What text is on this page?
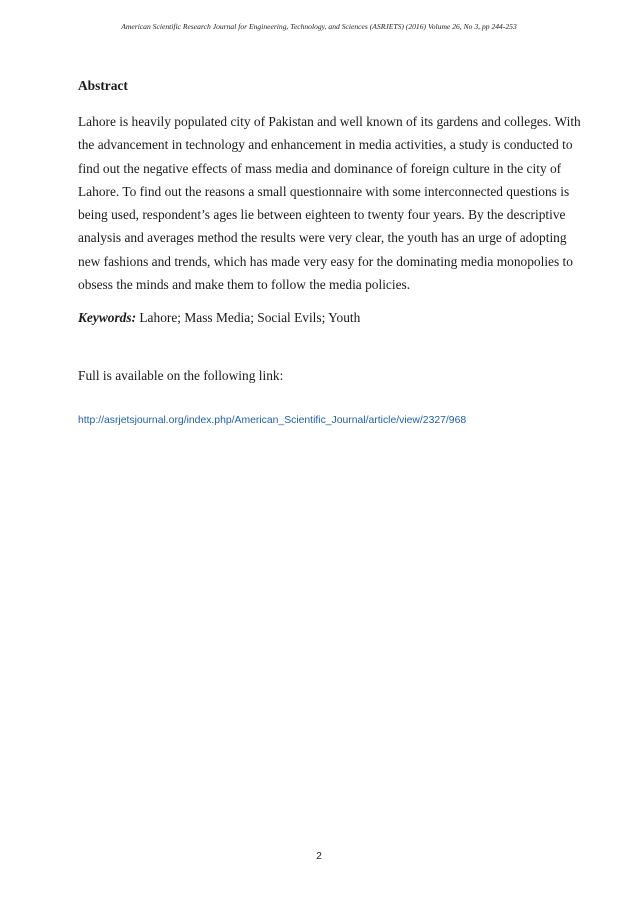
American Scientific Research Journal for Engineering, Technology, and Sciences (ASRJETS) (2016) Volume 26, No 3, pp 244-253
Abstract
Lahore is heavily populated city of Pakistan and well known of its gardens and colleges. With
the advancement in technology and enhancement in media activities, a study is conducted to
find out the negative effects of mass media and dominance of foreign culture in the city of
Lahore. To find out the reasons a small questionnaire with some interconnected questions is
being used, respondent’s ages lie between eighteen to twenty four years. By the descriptive
analysis and averages method the results were very clear, the youth has an urge of adopting
new fashions and trends, which has made very easy for the dominating media monopolies to
obsess the minds and make them to follow the media policies.

Keywords: Lahore; Mass Media; Social Evils; Youth

Full is available on the following link:

http://asrjetsjournal.org/index.php/American_Scientific_Journal/article/view/2327/968
2
